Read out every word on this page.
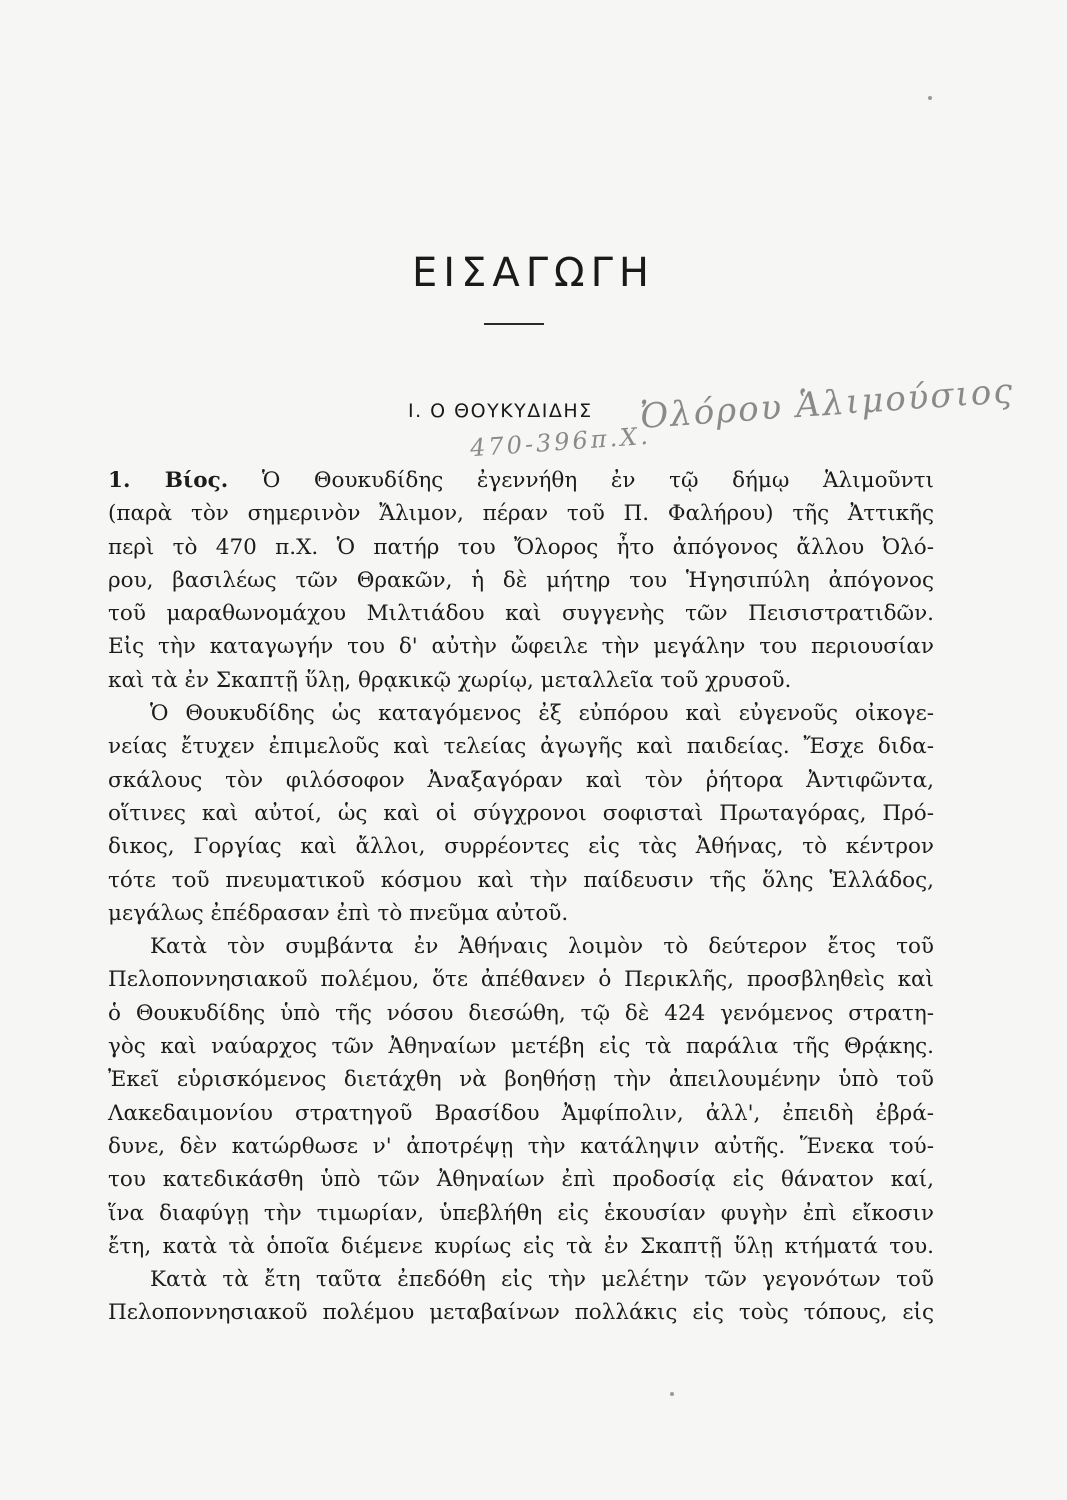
ΕΙΣΑΓΩΓΗ
I. Ο ΘΟΥΚΥΔΙΔΗΣ Ὀλόρου Ἁλιμούσιος
470-396π.Χ.
1. Βίος. Ὁ Θουκυδίδης ἐγεννήθη ἐν τῷ δήμῳ Ἁλιμοῦντι
(παρὰ τὸν σημερινὸν Ἄλιμον, πέραν τοῦ Π. Φαλήρου) τῆς Ἀττικῆς
περὶ τὸ 470 π.Χ. Ὁ πατήρ του Ὄλορος ἦτο ἀπόγονος ἄλλου Ὀλό-
ρου, βασιλέως τῶν Θρακῶν, ἡ δὲ μήτηρ του Ἡγησιπύλη ἀπόγονος
τοῦ μαραθωνομάχου Μιλτιάδου καὶ συγγενὴς τῶν Πεισιστρατιδῶν.
Εἰς τὴν καταγωγήν του δ' αὐτὴν ὤφειλε τὴν μεγάλην του περιουσίαν
καὶ τὰ ἐν Σκαπτῇ ὕλῃ, θρᾳκικῷ χωρίῳ, μεταλλεῖα τοῦ χρυσοῦ.
Ὁ Θουκυδίδης ὡς καταγόμενος ἐξ εὐπόρου καὶ εὐγενοῦς οἰκογε-
νείας ἔτυχεν ἐπιμελοῦς καὶ τελείας ἀγωγῆς καὶ παιδείας. Ἔσχε διδα-
σκάλους τὸν φιλόσοφον Ἀναξαγόραν καὶ τὸν ῥήτορα Ἀντιφῶντα,
οἵτινες καὶ αὐτοί, ὡς καὶ οἱ σύγχρονοι σοφισταὶ Πρωταγόρας, Πρό-
δικος, Γοργίας καὶ ἄλλοι, συρρέοντες εἰς τὰς Ἀθήνας, τὸ κέντρον
τότε τοῦ πνευματικοῦ κόσμου καὶ τὴν παίδευσιν τῆς ὅλης Ἑλλάδος,
μεγάλως ἐπέδρασαν ἐπὶ τὸ πνεῦμα αὐτοῦ.
Κατὰ τὸν συμβάντα ἐν Ἀθήναις λοιμὸν τὸ δεύτερον ἔτος τοῦ
Πελοποννησιακοῦ πολέμου, ὅτε ἀπέθανεν ὁ Περικλῆς, προσβληθεὶς καὶ
ὁ Θουκυδίδης ὑπὸ τῆς νόσου διεσώθη, τῷ δὲ 424 γενόμενος στρατη-
γὸς καὶ ναύαρχος τῶν Ἀθηναίων μετέβη εἰς τὰ παράλια τῆς Θρᾴκης.
Ἐκεῖ εὑρισκόμενος διετάχθη νὰ βοηθήσῃ τὴν ἀπειλουμένην ὑπὸ τοῦ
Λακεδαιμονίου στρατηγοῦ Βρασίδου Ἀμφίπολιν, ἀλλ', ἐπειδὴ ἐβρά-
δυνε, δὲν κατώρθωσε ν' ἀποτρέψῃ τὴν κατάληψιν αὐτῆς. Ἕνεκα τού-
του κατεδικάσθη ὑπὸ τῶν Ἀθηναίων ἐπὶ προδοσίᾳ εἰς θάνατον καί,
ἵνα διαφύγῃ τὴν τιμωρίαν, ὑπεβλήθη εἰς ἑκουσίαν φυγὴν ἐπὶ εἴκοσιν
ἔτη, κατὰ τὰ ὁποῖα διέμενε κυρίως εἰς τὰ ἐν Σκαπτῇ ὕλῃ κτήματά του.
Κατὰ τὰ ἔτη ταῦτα ἐπεδόθη εἰς τὴν μελέτην τῶν γεγονότων τοῦ
Πελοποννησιακοῦ πολέμου μεταβαίνων πολλάκις εἰς τοὺς τόπους, εἰς
